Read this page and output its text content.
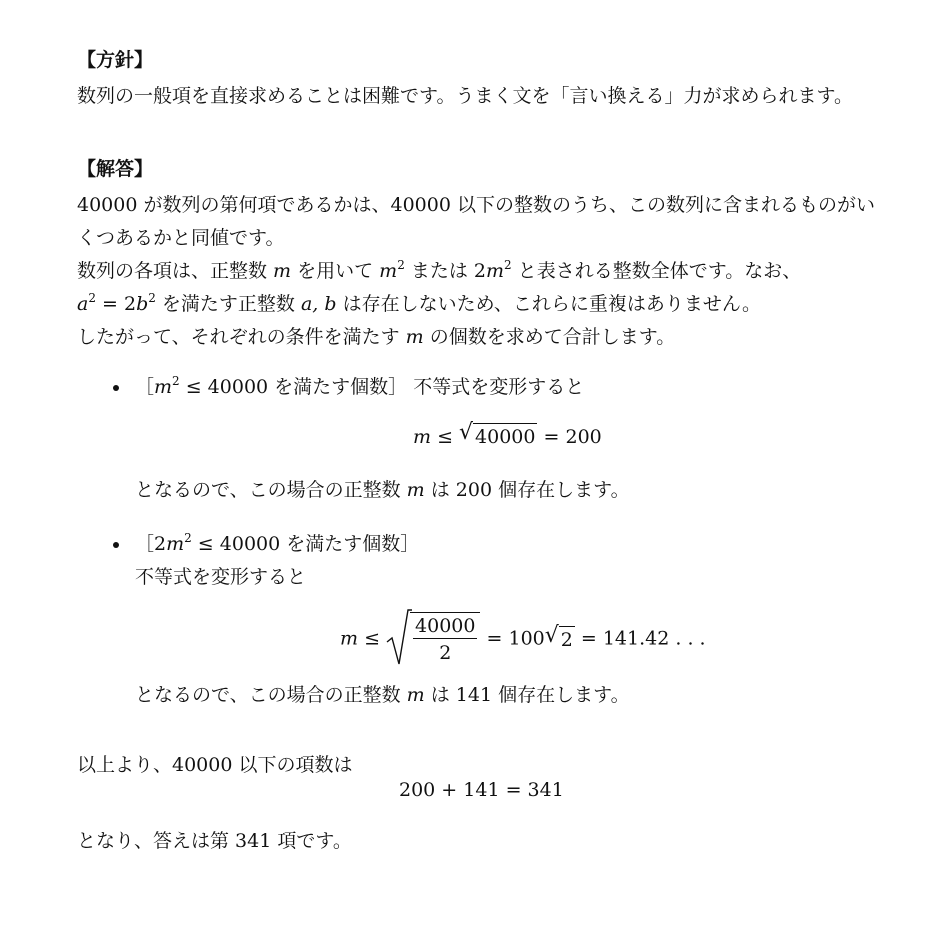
【方針】
数列の一般項を直接求めることは困難です。うまく文を「言い換える」力が求められます。
【解答】
40000 が数列の第何項であるかは、40000 以下の整数のうち、この数列に含まれるものがい
くつあるかと同値です。
数列の各項は、正整数 m を用いて $m^2$ または $2m^2$ と表される整数全体です。なお、
$a^2 = 2b^2$ を満たす正整数 a, b は存在しないため、これらに重複はありません。
したがって、それぞれの条件を満たす m の個数を求めて合計します。
$[m^2 \le 40000$ を満たす個数］ 不等式を変形すると
m ≤ √ 40000 = 200
となるので、この場合の正整数 m は 200 個存在します。
$[2m^2 \le 40000$ を満たす個数］
不等式を変形すると
$m \le \frac{40000}{2} = 100$ √ 2 = 141.42 . . .
となるので、この場合の正整数 m は 141 個存在します。
以上より、40000 以下の項数は
200 + 141 = 341
となり、答えは第 341 項です。
